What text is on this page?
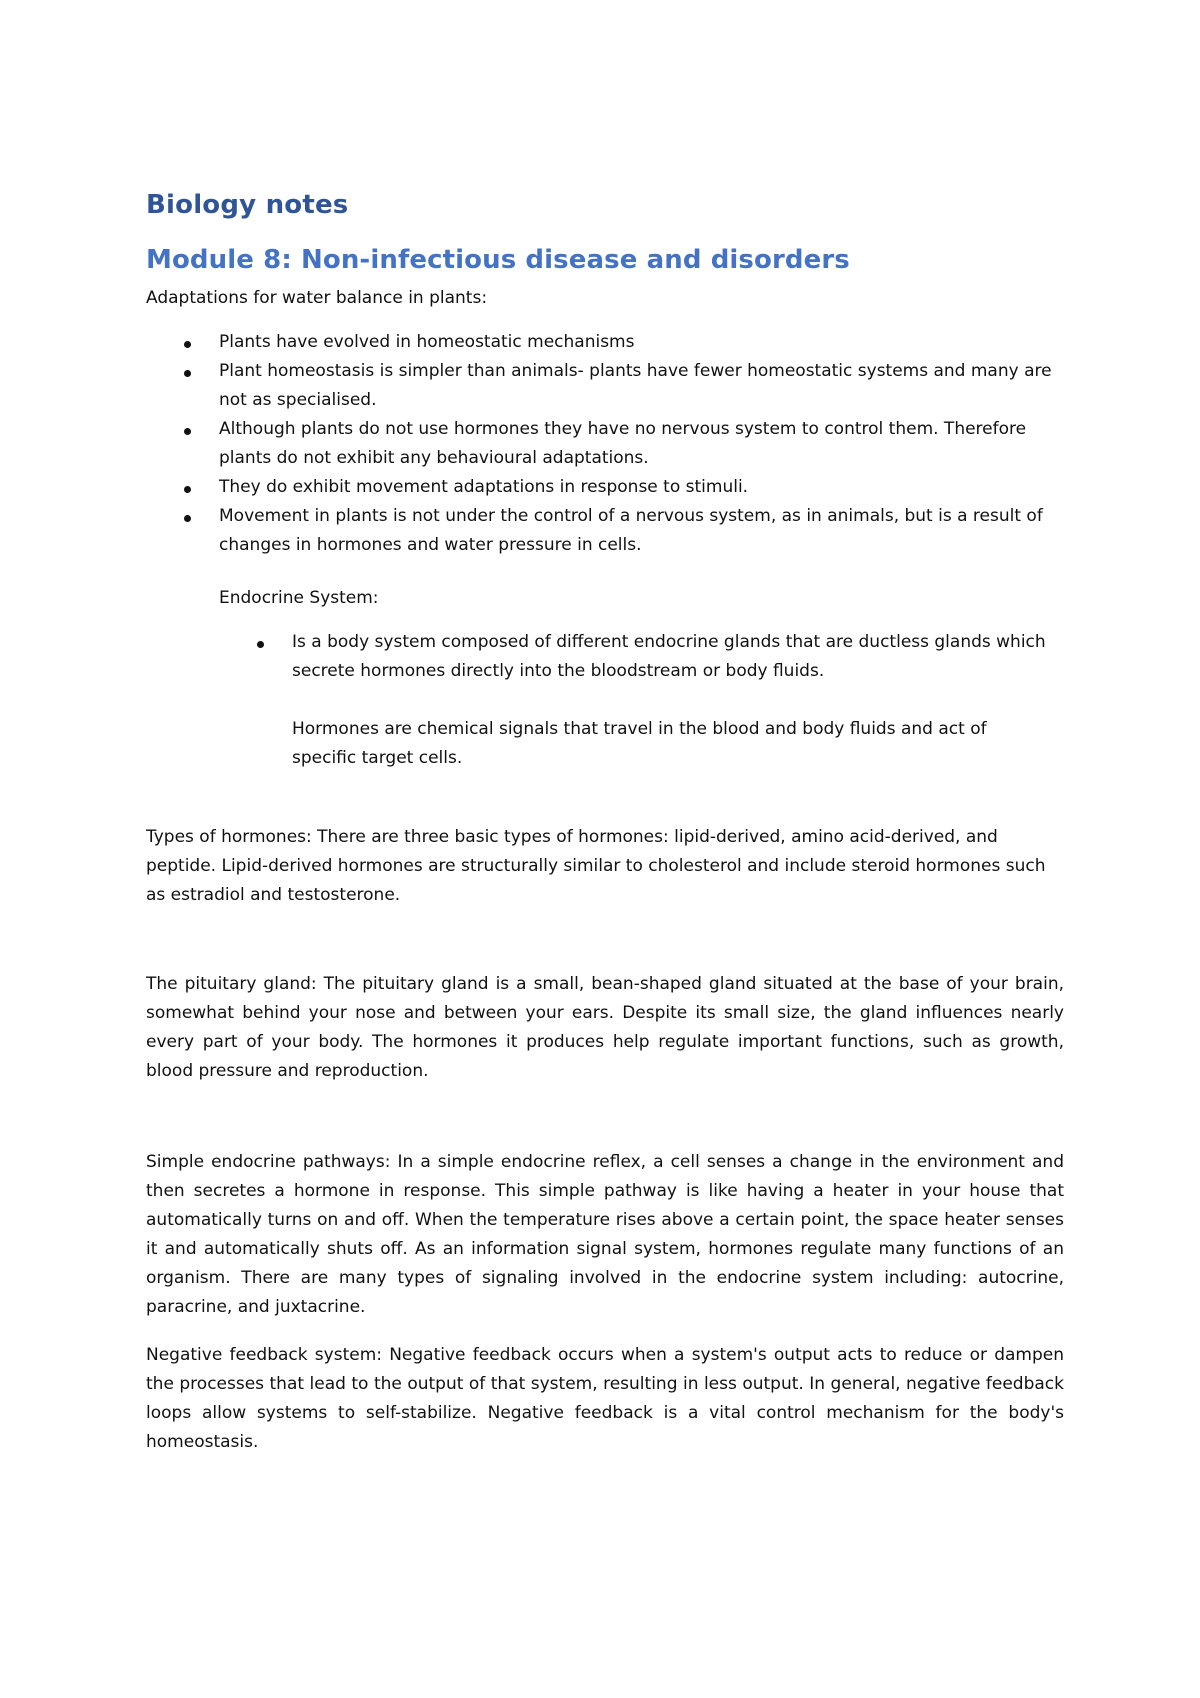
Biology notes
Module 8: Non-infectious disease and disorders

Adaptations for water balance in plants:

Plants have evolved in homeostatic mechanisms
Plant homeostasis is simpler than animals- plants have fewer homeostatic systems and many are not as specialised.
Although plants do not use hormones they have no nervous system to control them. Therefore plants do not exhibit any behavioural adaptations.
They do exhibit movement adaptations in response to stimuli.
Movement in plants is not under the control of a nervous system, as in animals, but is a result of changes in hormones and water pressure in cells.

Endocrine System:

Is a body system composed of different endocrine glands that are ductless glands which secrete hormones directly into the bloodstream or body fluids.

Hormones are chemical signals that travel in the blood and body fluids and act of specific target cells.

Types of hormones: There are three basic types of hormones: lipid-derived, amino acid-derived, and peptide. Lipid-derived hormones are structurally similar to cholesterol and include steroid hormones such as estradiol and testosterone.

The pituitary gland: The pituitary gland is a small, bean-shaped gland situated at the base of your brain, somewhat behind your nose and between your ears. Despite its small size, the gland influences nearly every part of your body. The hormones it produces help regulate important functions, such as growth, blood pressure and reproduction.

Simple endocrine pathways: In a simple endocrine reflex, a cell senses a change in the environment and then secretes a hormone in response. This simple pathway is like having a heater in your house that automatically turns on and off. When the temperature rises above a certain point, the space heater senses it and automatically shuts off. As an information signal system, hormones regulate many functions of an organism. There are many types of signaling involved in the endocrine system including: autocrine, paracrine, and juxtacrine.

Negative feedback system: Negative feedback occurs when a system's output acts to reduce or dampen the processes that lead to the output of that system, resulting in less output. In general, negative feedback loops allow systems to self-stabilize. Negative feedback is a vital control mechanism for the body's homeostasis.
